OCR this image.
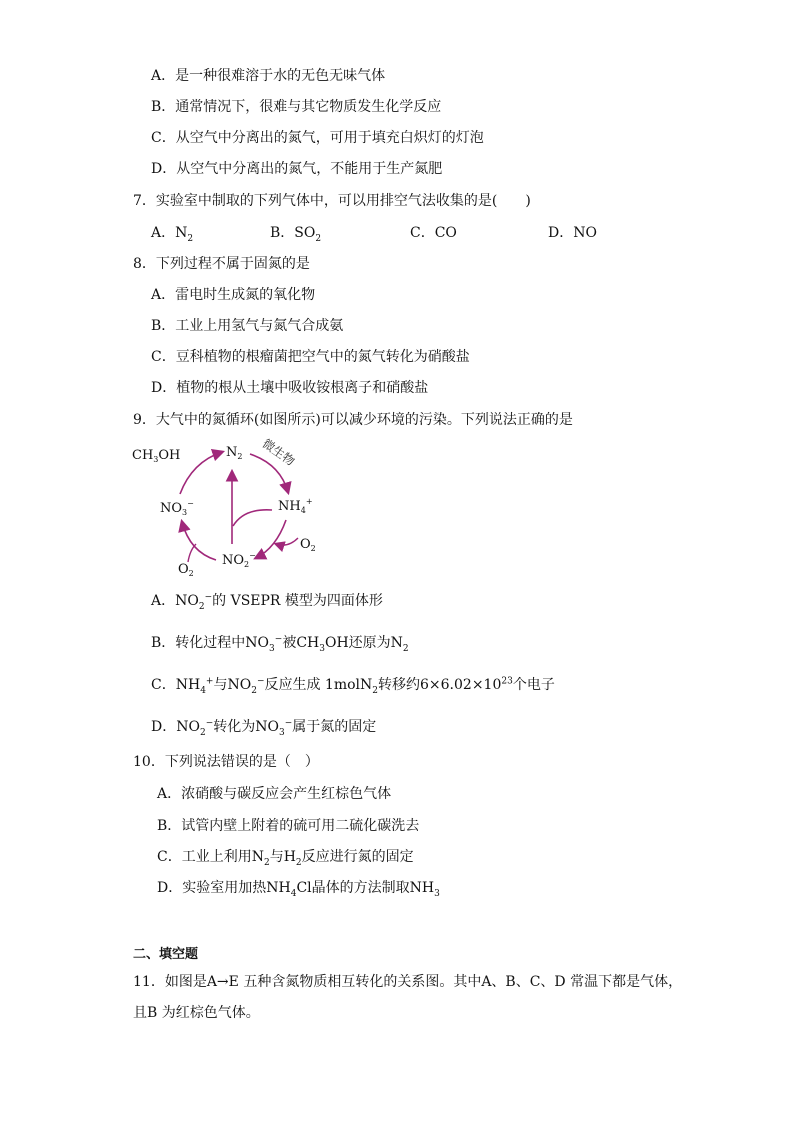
A．是一种很难溶于水的无色无味气体
B．通常情况下，很难与其它物质发生化学反应
C．从空气中分离出的氮气，可用于填充白炽灯的灯泡
D．从空气中分离出的氮气，不能用于生产氮肥
7．实验室中制取的下列气体中，可以用排空气法收集的是(　　)
A．$N_2$	B．$SO_2$	C．CO	D．NO
8．下列过程不属于固氮的是
A．雷电时生成氮的氧化物
B．工业上用氢气与氮气合成氨
C．豆科植物的根瘤菌把空气中的氮气转化为硝酸盐
D．植物的根从土壤中吸收铵根离子和硝酸盐
9．大气中的氮循环(如图所示)可以减少环境的污染。下列说法正确的是
$CH_3OH$	$N_2$ 微生物
$NH_4^+$
$NO_3^-$
$NO_2^-$
$O_2$
$O_2$
A．$NO_2^-$的 VSEPR 模型为四面体形
B．转化过程中$NO_3^-$被$CH_3OH$还原为$N_2$
C．$NH_4^+$与$NO_2^-$反应生成 1molN$_2$转移约$6\times 6.02\times 10^{23}$个电子
D．$NO_2^-$转化为$NO_3^-$属于氮的固定
10．下列说法错误的是（　）
A．浓硝酸与碳反应会产生红棕色气体
B．试管内壁上附着的硫可用二硫化碳洗去
C．工业上利用$N_2$与$H_2$反应进行氮的固定
D．实验室用加热$NH_4Cl$晶体的方法制取$NH_3$
二、填空题
11．如图是A→E 五种含氮物质相互转化的关系图。其中A、B、C、D 常温下都是气体，
且B 为红棕色气体。
